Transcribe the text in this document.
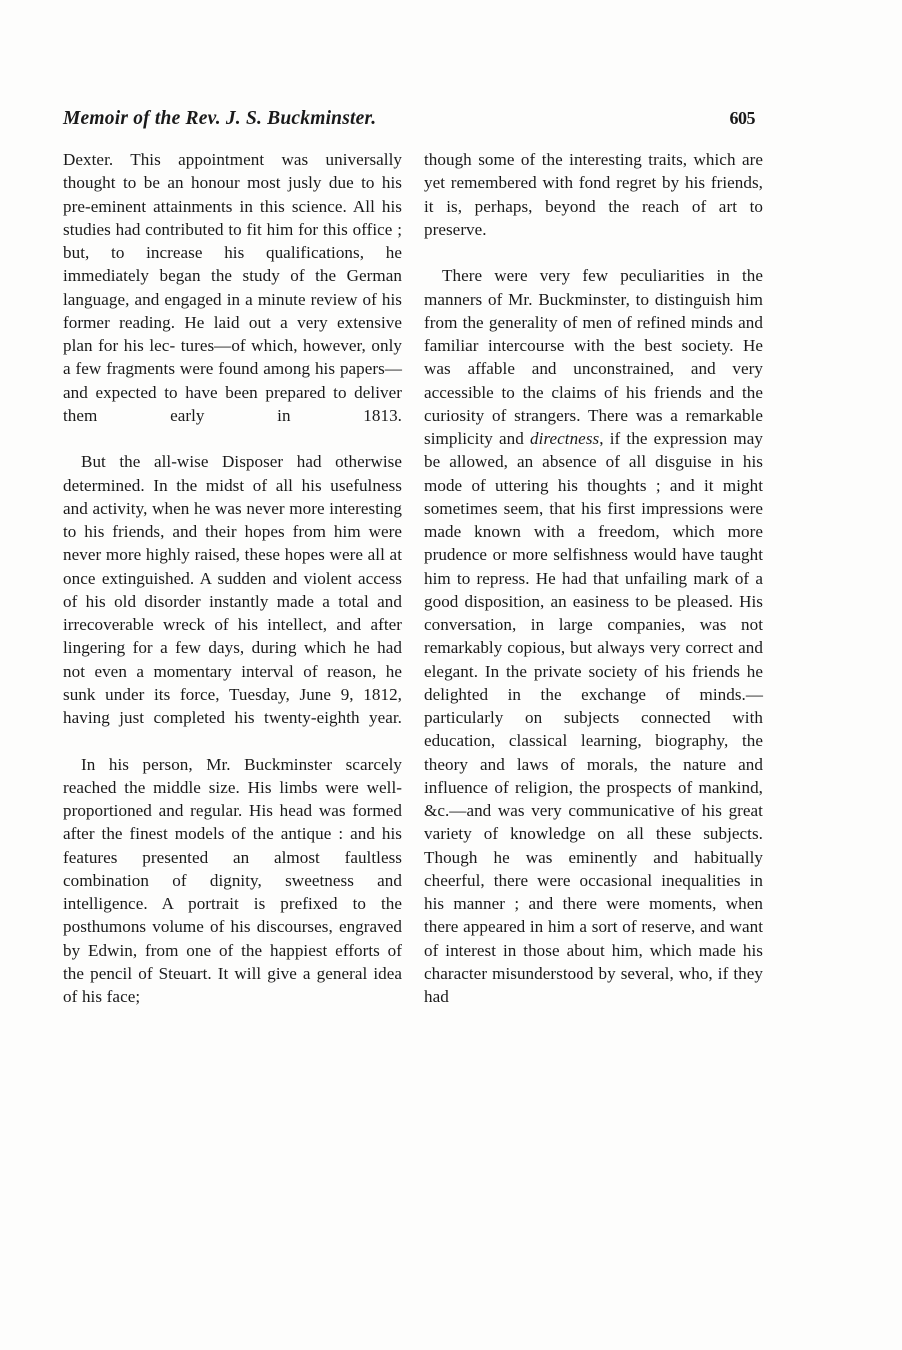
Memoir of the Rev. J. S. Buckminster.	605

Dexter. This appointment was universally thought to be an honour most jusly due to his pre-eminent attainments in this science. All his studies had contributed to fit him for this office ; but, to increase his qualifications, he immediately began the study of the German language, and engaged in a minute review of his former reading. He laid out a very extensive plan for his lec- tures—of which, however, only a few fragments were found among his papers—and expected to have been prepared to deliver them early in 1813.

But the all-wise Disposer had otherwise determined. In the midst of all his usefulness and activity, when he was never more interesting to his friends, and their hopes from him were never more highly raised, these hopes were all at once extinguished. A sudden and violent access of his old disorder instantly made a total and irrecoverable wreck of his intellect, and after lingering for a few days, during which he had not even a momentary interval of reason, he sunk under its force, Tuesday, June 9, 1812, having just completed his twenty-eighth year.

In his person, Mr. Buckminster scarcely reached the middle size. His limbs were well-proportioned and regular. His head was formed after the finest models of the antique : and his features presented an almost faultless combination of dignity, sweetness and intelligence. A portrait is prefixed to the posthumons volume of his discourses, engraved by Edwin, from one of the happiest efforts of the pencil of Steuart. It will give a general idea of his face;

though some of the interesting traits, which are yet remembered with fond regret by his friends, it is, perhaps, beyond the reach of art to preserve.

There were very few peculiarities in the manners of Mr. Buckminster, to distinguish him from the generality of men of refined minds and familiar intercourse with the best society. He was affable and unconstrained, and very accessible to the claims of his friends and the curiosity of strangers. There was a remarkable simplicity and directness, if the expression may be allowed, an absence of all disguise in his mode of uttering his thoughts ; and it might sometimes seem, that his first impressions were made known with a freedom, which more prudence or more selfishness would have taught him to repress. He had that unfailing mark of a good disposition, an easiness to be pleased. His conversation, in large companies, was not remarkably copious, but always very correct and elegant. In the private society of his friends he delighted in the exchange of minds.—particularly on subjects connected with education, classical learning, biography, the theory and laws of morals, the nature and influence of religion, the prospects of mankind, &c.—and was very communicative of his great variety of knowledge on all these subjects. Though he was eminently and habitually cheerful, there were occasional inequalities in his manner ; and there were moments, when there appeared in him a sort of reserve, and want of interest in those about him, which made his character misunderstood by several, who, if they had
